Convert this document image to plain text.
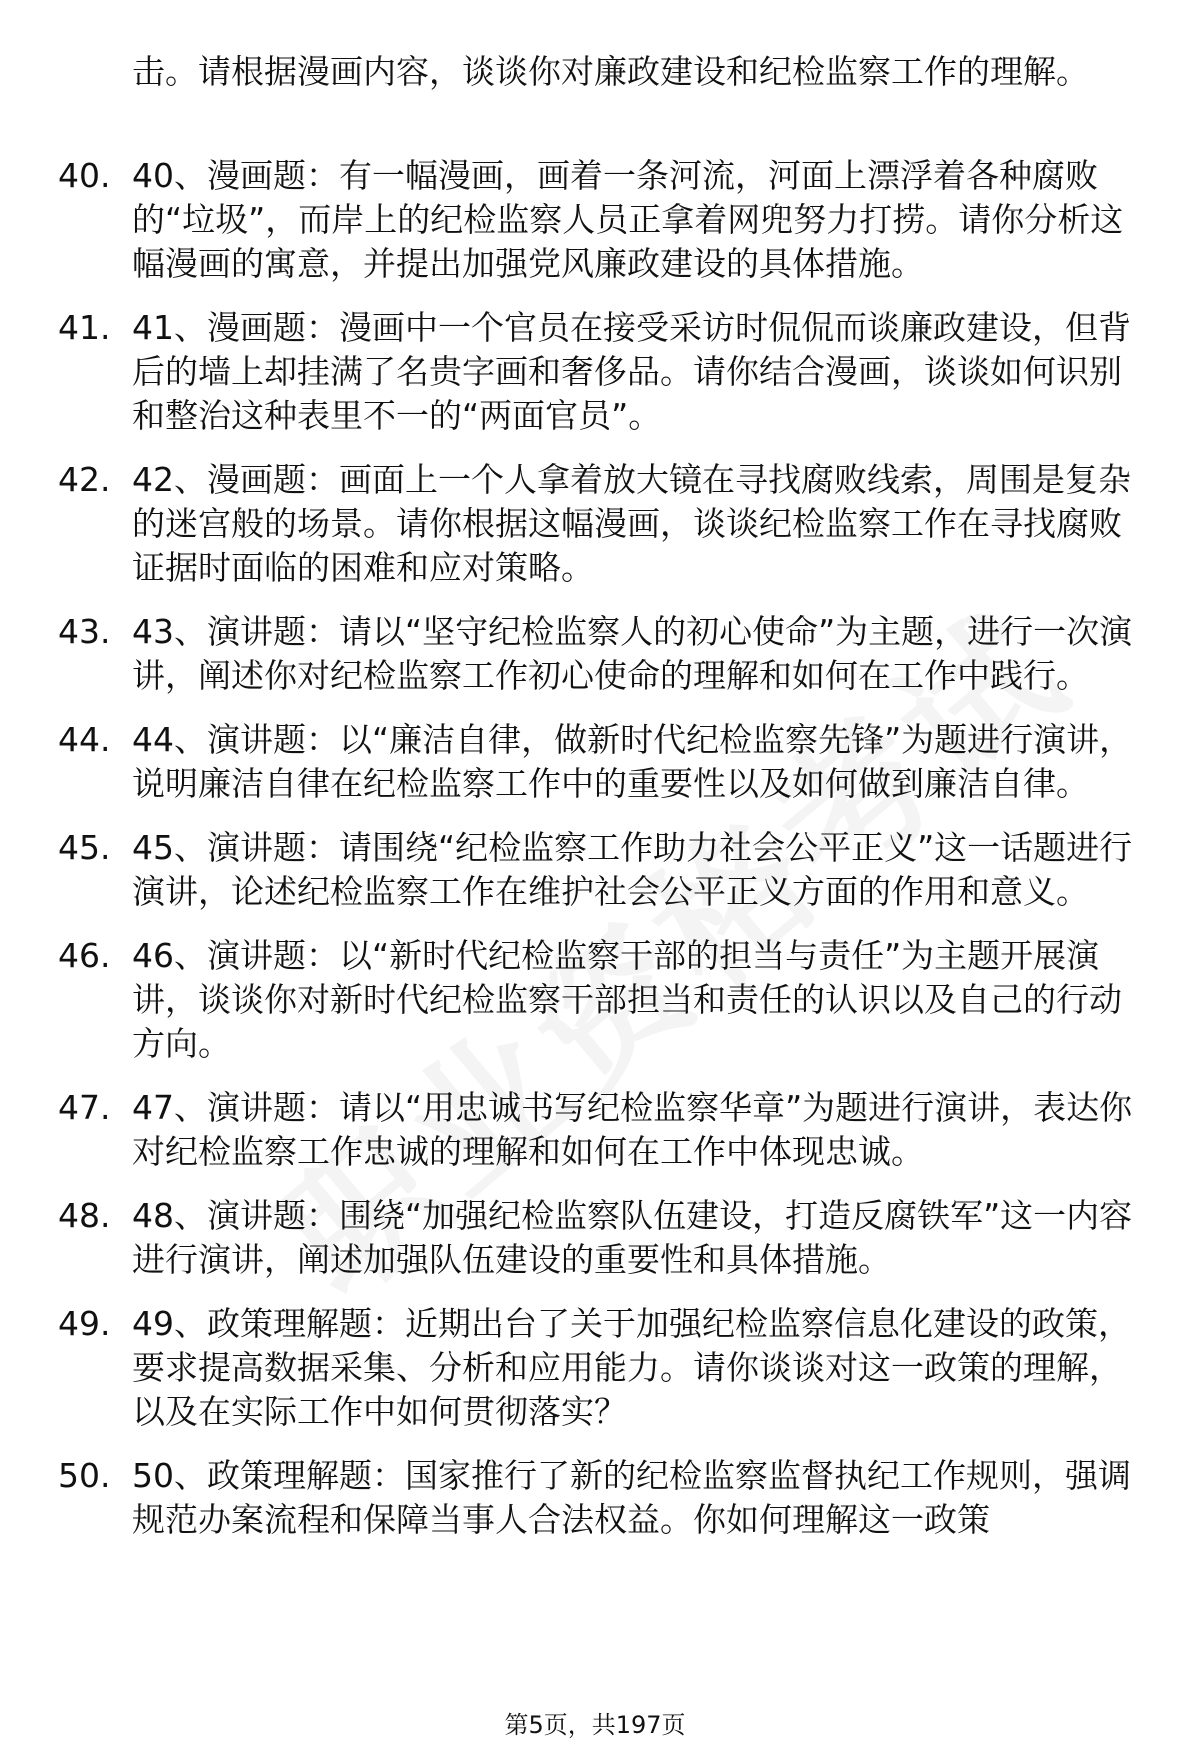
击。请根据漫画内容，谈谈你对廉政建设和纪检监察工作的理解。

40. 40、漫画题：有一幅漫画，画着一条河流，河面上漂浮着各种腐败的“垃圾”，而岸上的纪检监察人员正拿着网兜努力打捞。请你分析这幅漫画的寓意，并提出加强党风廉政建设的具体措施。
41. 41、漫画题：漫画中一个官员在接受采访时侃侃而谈廉政建设，但背后的墙上却挂满了名贵字画和奢侈品。请你结合漫画，谈谈如何识别和整治这种表里不一的“两面官员”。
42. 42、漫画题：画面上一个人拿着放大镜在寻找腐败线索，周围是复杂的迷宫般的场景。请你根据这幅漫画，谈谈纪检监察工作在寻找腐败证据时面临的困难和应对策略。
43. 43、演讲题：请以“坚守纪检监察人的初心使命”为主题，进行一次演讲，阐述你对纪检监察工作初心使命的理解和如何在工作中践行。
44. 44、演讲题：以“廉洁自律，做新时代纪检监察先锋”为题进行演讲，说明廉洁自律在纪检监察工作中的重要性以及如何做到廉洁自律。
45. 45、演讲题：请围绕“纪检监察工作助力社会公平正义”这一话题进行演讲，论述纪检监察工作在维护社会公平正义方面的作用和意义。
46. 46、演讲题：以“新时代纪检监察干部的担当与责任”为主题开展演讲，谈谈你对新时代纪检监察干部担当和责任的认识以及自己的行动方向。
47. 47、演讲题：请以“用忠诚书写纪检监察华章”为题进行演讲，表达你对纪检监察工作忠诚的理解和如何在工作中体现忠诚。
48. 48、演讲题：围绕“加强纪检监察队伍建设，打造反腐铁军”这一内容进行演讲，阐述加强队伍建设的重要性和具体措施。
49. 49、政策理解题：近期出台了关于加强纪检监察信息化建设的政策，要求提高数据采集、分析和应用能力。请你谈谈对这一政策的理解，以及在实际工作中如何贯彻落实？
50. 50、政策理解题：国家推行了新的纪检监察监督执纪工作规则，强调规范办案流程和保障当事人合法权益。你如何理解这一政策
第5页，共197页
